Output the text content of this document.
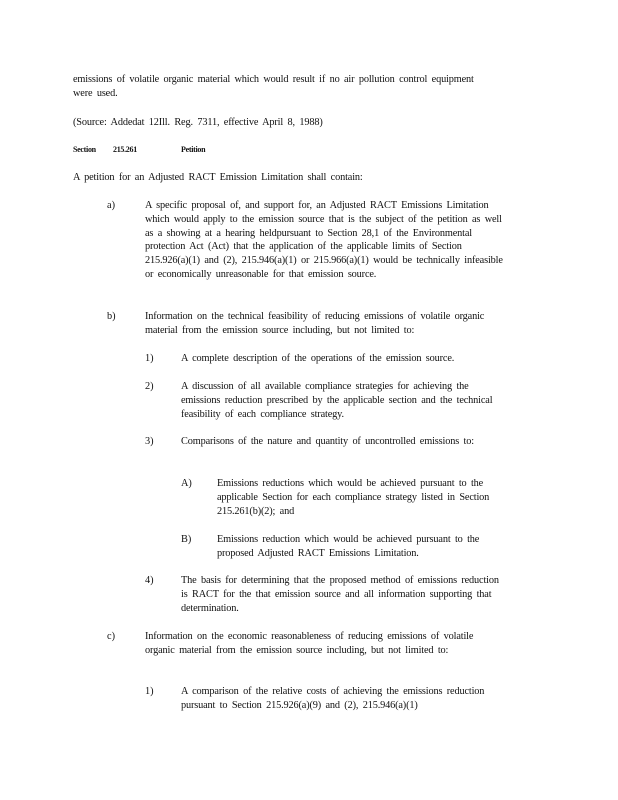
emissions of volatile organic material which would result if no air pollution control equipment were used.

(Source: Addedat 12Ill. Reg. 7311, effective April 8, 1988)

Section 215.261	Petition

A petition for an Adjusted RACT Emission Limitation shall contain:

a)	A specific proposal of, and support for, an Adjusted RACT Emissions Limitation which would apply to the emission source that is the subject of the petition as well as a showing at a hearing heldpursuant to Section 28,1 of the Environmental protection Act (Act) that the application of the applicable limits of Section 215.926(a)(1) and (2), 215.946(a)(1) or 215.966(a)(1) would be technically infeasible or economically unreasonable for that emission source.

b)	Information on the technical feasibility of reducing emissions of volatile organic material from the emission source including, but not limited to:

1)	A complete description of the operations of the emission source.

2)	A discussion of all available compliance strategies for achieving the emissions reduction prescribed by the applicable section and the technical feasibility of each compliance strategy.

3)	Comparisons of the nature and quantity of uncontrolled emissions to:

A) Emissions reductions which would be achieved pursuant to the applicable Section for each compliance strategy listed in Section 215.261(b)(2); and

B) Emissions reduction which would be achieved pursuant to the proposed Adjusted RACT Emissions Limitation.

4)	The basis for determining that the proposed method of emissions reduction is RACT for the that emission source and all information supporting that determination.

c)	Information on the economic reasonableness of reducing emissions of volatile organic material from the emission source including, but not limited to:

1)	A comparison of the relative costs of achieving the emissions reduction pursuant to Section 215.926(a)(9) and (2), 215.946(a)(1)
